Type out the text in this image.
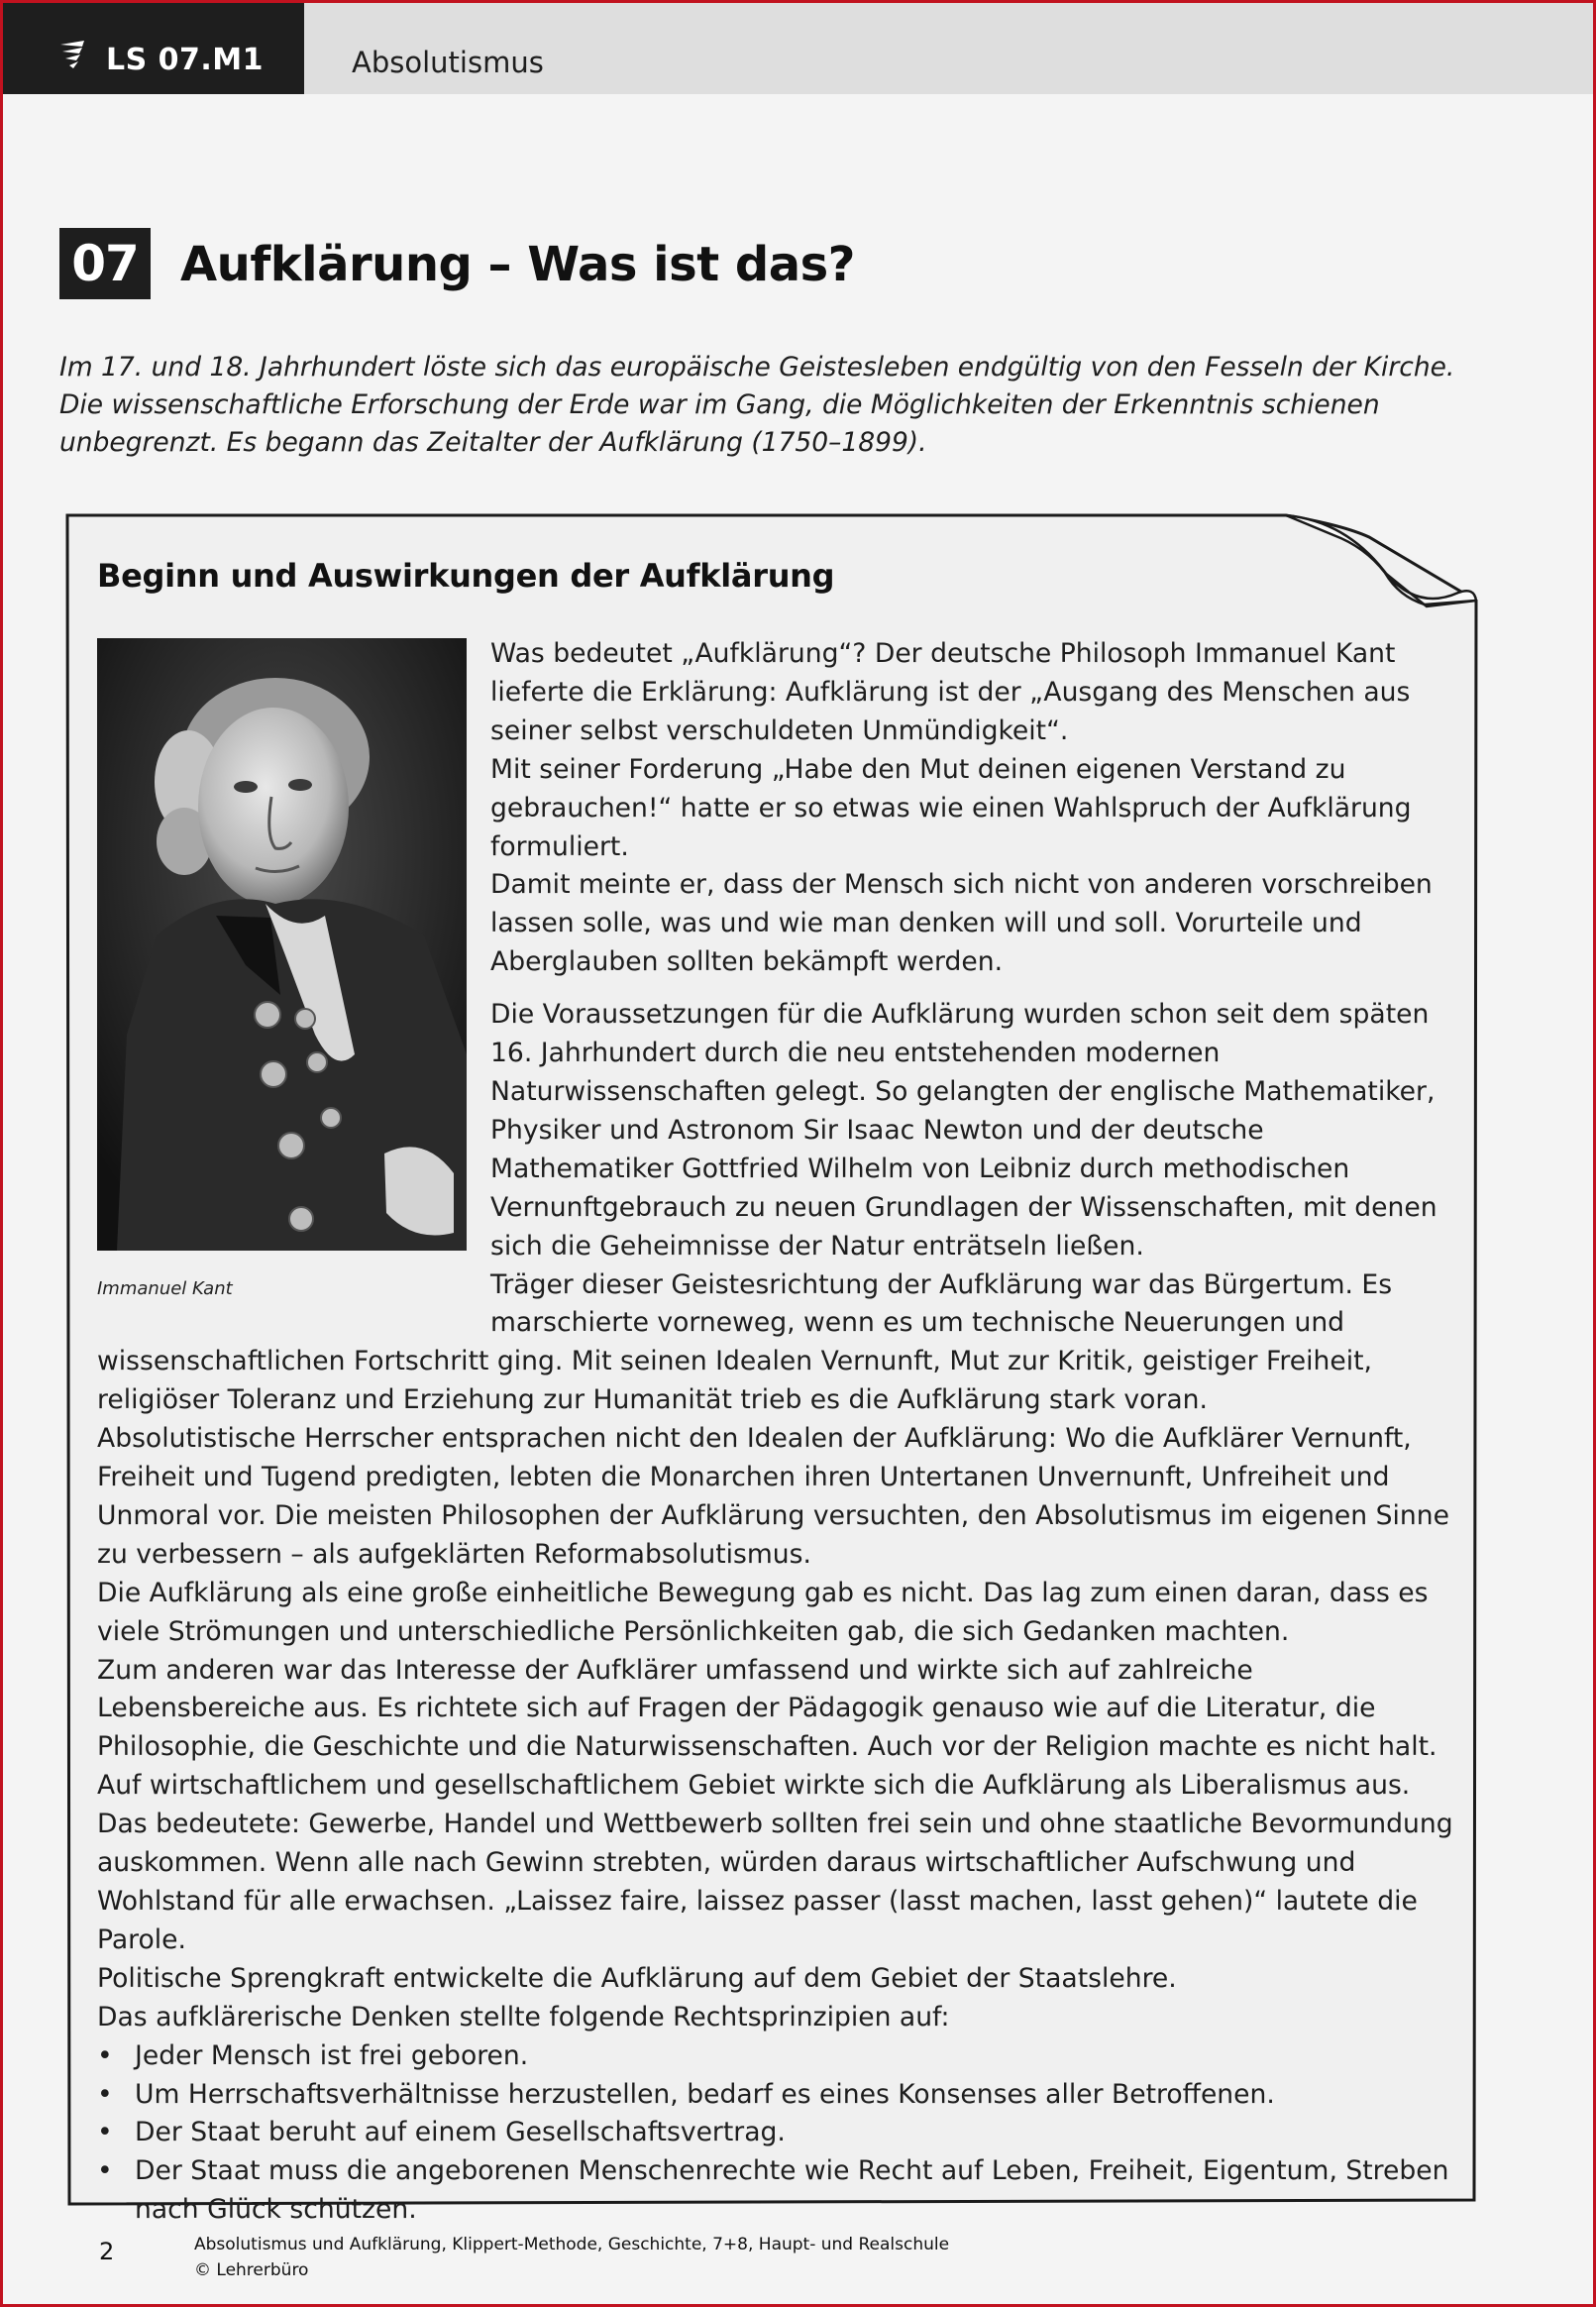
LS 07.M1	Absolutismus
07 Aufklärung – Was ist das?
Im 17. und 18. Jahrhundert löste sich das europäische Geistesleben endgültig von den Fesseln der Kirche. Die wissenschaftliche Erforschung der Erde war im Gang, die Möglichkeiten der Erkenntnis schienen unbegrenzt. Es begann das Zeitalter der Aufklärung (1750–1899).
Beginn und Auswirkungen der Aufklärung
Immanuel Kant

Was bedeutet „Aufklärung“? Der deutsche Philosoph Immanuel Kant lieferte die Erklärung: Aufklärung ist der „Ausgang des Menschen aus seiner selbst verschuldeten Unmündigkeit“.

Mit seiner Forderung „Habe den Mut deinen eigenen Verstand zu gebrauchen!“ hatte er so etwas wie einen Wahlspruch der Aufklärung formuliert.

Damit meinte er, dass der Mensch sich nicht von anderen vorschreiben lassen solle, was und wie man denken will und soll. Vorurteile und Aberglauben sollten bekämpft werden.

Die Voraussetzungen für die Aufklärung wurden schon seit dem späten 16. Jahrhundert durch die neu entstehenden modernen Naturwissenschaften gelegt. So gelangten der englische Mathematiker, Physiker und Astronom Sir Isaac Newton und der deutsche Mathematiker Gottfried Wilhelm von Leibniz durch methodischen Vernunftgebrauch zu neuen Grundlagen der Wissenschaften, mit denen sich die Geheimnisse der Natur enträtseln ließen.

Träger dieser Geistesrichtung der Aufklärung war das Bürgertum. Es marschierte vorneweg, wenn es um technische Neuerungen und wissenschaftlichen Fortschritt ging. Mit seinen Idealen Vernunft, Mut zur Kritik, geistiger Freiheit, religiöser Toleranz und Erziehung zur Humanität trieb es die Aufklärung stark voran.

Absolutistische Herrscher entsprachen nicht den Idealen der Aufklärung: Wo die Aufklärer Vernunft, Freiheit und Tugend predigten, lebten die Monarchen ihren Untertanen Unvernunft, Unfreiheit und Unmoral vor. Die meisten Philosophen der Aufklärung versuchten, den Absolutismus im eigenen Sinne zu verbessern – als aufgeklärten Reformabsolutismus.

Die Aufklärung als eine große einheitliche Bewegung gab es nicht. Das lag zum einen daran, dass es viele Strömungen und unterschiedliche Persönlichkeiten gab, die sich Gedanken machten.

Zum anderen war das Interesse der Aufklärer umfassend und wirkte sich auf zahlreiche Lebensbereiche aus. Es richtete sich auf Fragen der Pädagogik genauso wie auf die Literatur, die Philosophie, die Geschichte und die Naturwissenschaften. Auch vor der Religion machte es nicht halt. Auf wirtschaftlichem und gesellschaftlichem Gebiet wirkte sich die Aufklärung als Liberalismus aus. Das bedeutete: Gewerbe, Handel und Wettbewerb sollten frei sein und ohne staatliche Bevormundung auskommen. Wenn alle nach Gewinn strebten, würden daraus wirtschaftlicher Aufschwung und Wohlstand für alle erwachsen. „Laissez faire, laissez passer (lasst machen, lasst gehen)“ lautete die Parole.

Politische Sprengkraft entwickelte die Aufklärung auf dem Gebiet der Staatslehre.

Das aufklärerische Denken stellte folgende Rechtsprinzipien auf:

• Jeder Mensch ist frei geboren.
• Um Herrschaftsverhältnisse herzustellen, bedarf es eines Konsenses aller Betroffenen.
• Der Staat beruht auf einem Gesellschaftsvertrag.
• Der Staat muss die angeborenen Menschenrechte wie Recht auf Leben, Freiheit, Eigentum, Streben nach Glück schützen.
2	Absolutismus und Aufklärung, Klippert-Methode, Geschichte, 7+8, Haupt- und Realschule
© Lehrerbüro
